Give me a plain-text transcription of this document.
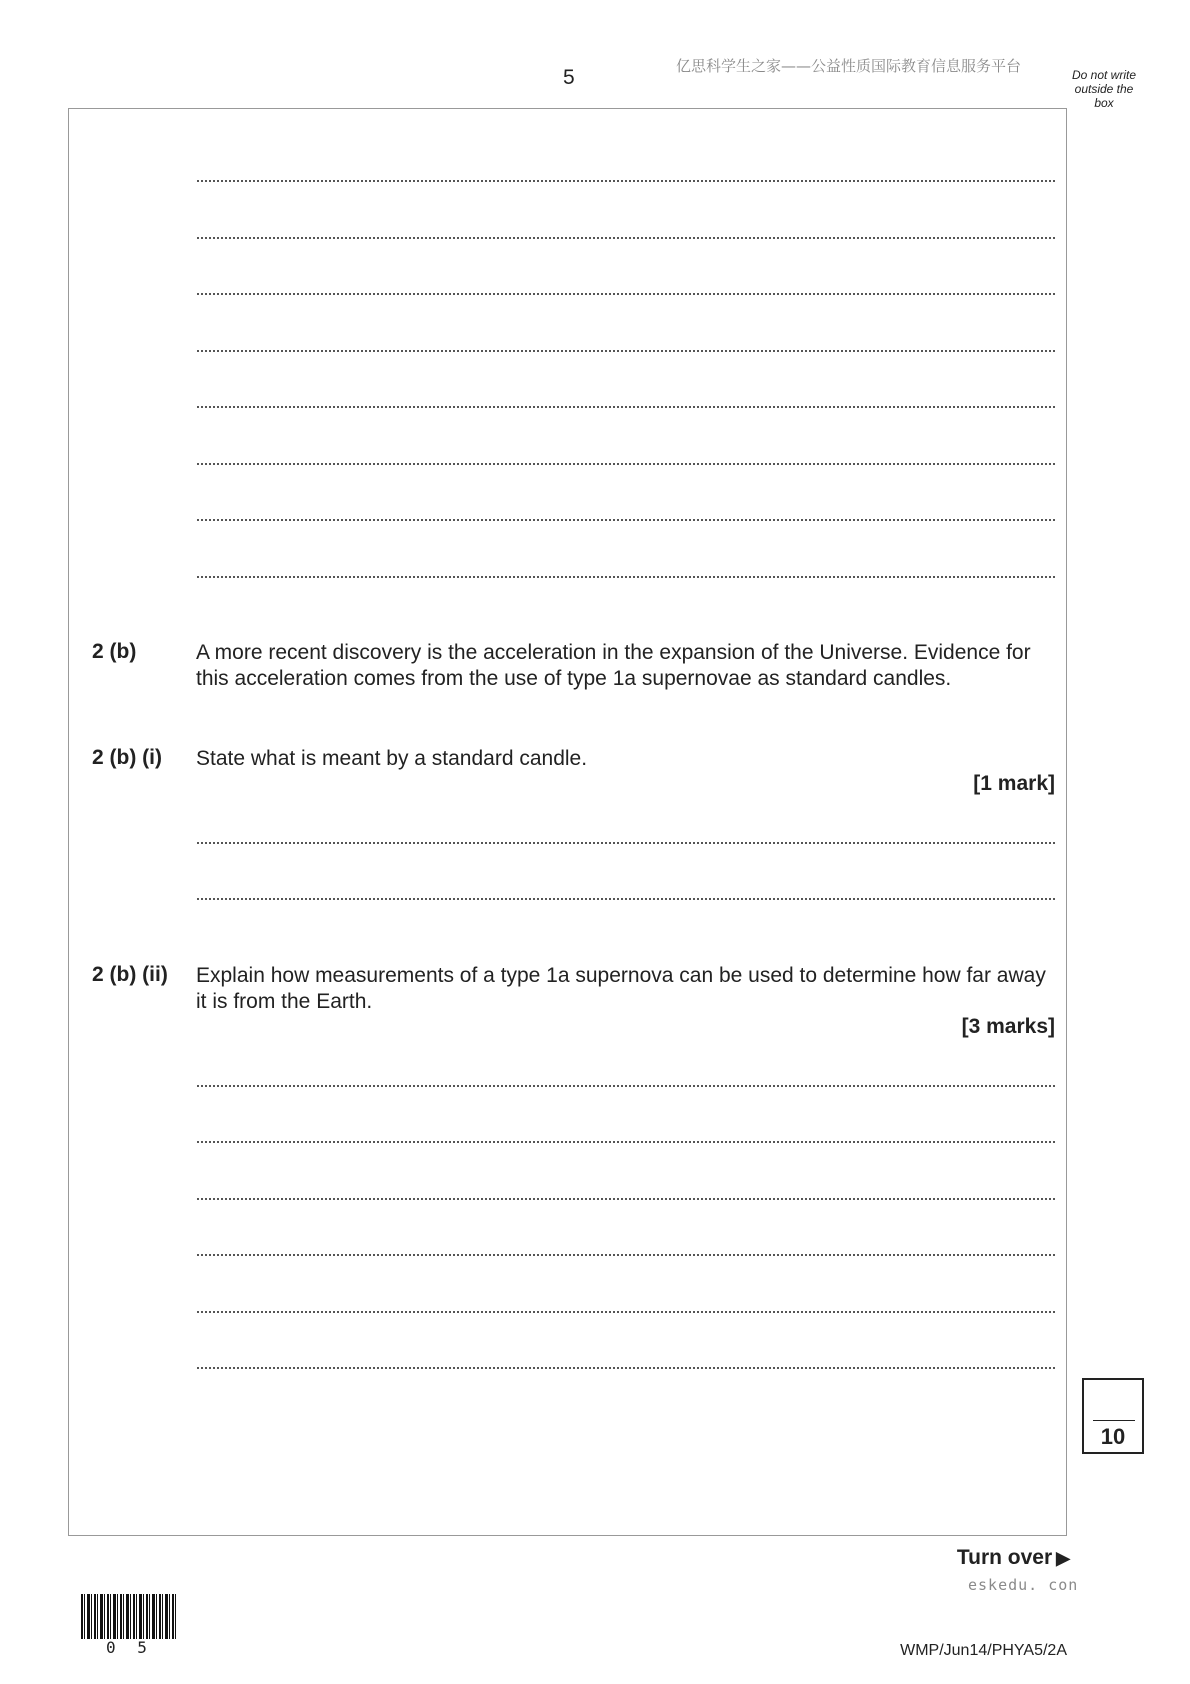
5	亿思科学生之家——公益性质国际教育信息服务平台	Do not write
outside the
box
2 (b)	A more recent discovery is the acceleration in the expansion of the Universe. Evidence for this acceleration comes from the use of type 1a supernovae as standard candles.
2 (b) (i) State what is meant by a standard candle.
[1 mark]
2 (b) (ii) Explain how measurements of a type 1a supernova can be used to determine how far away it is from the Earth.
[3 marks]
10
Turn over ▶
eskedu. con
0 5	WMP/Jun14/PHYA5/2A
